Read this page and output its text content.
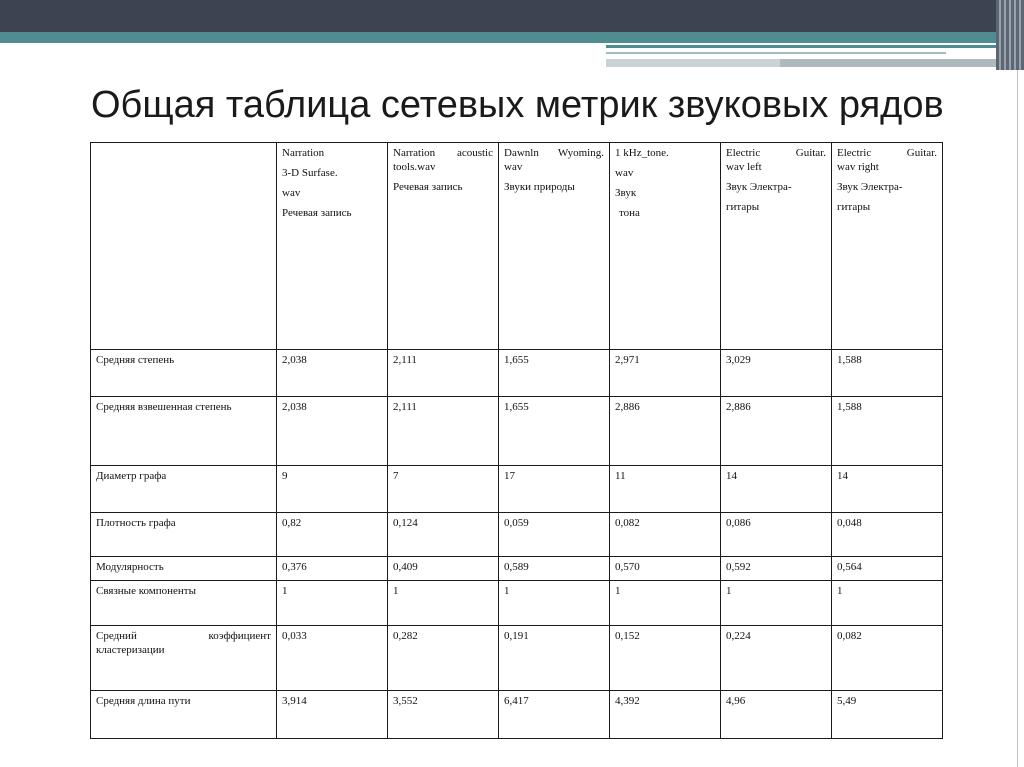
Общая таблица сетевых метрик звуковых рядов

	Narration
3-D Surfase.
wav
Речевая запись	Narration acoustic
tools.wav
Речевая запись	Dawnln Wyoming.
wav
Звуки природы	1 kHz_tone.
wav
Звук
тона	Electric Guitar.
wav left
Звук Электра-
гитары	Electric Guitar.
wav right
Звук Электра-
гитары

Средняя степень	2,038	2,111	1,655	2,971	3,029	1,588
Средняя взвешенная степень	2,038	2,111	1,655	2,886	2,886	1,588
Диаметр графа	9	7	17	11	14	14
Плотность графа	0,82	0,124	0,059	0,082	0,086	0,048
Модулярность	0,376	0,409	0,589	0,570	0,592	0,564
Связные компоненты	1	1	1	1	1	1

Средний коэффициент
кластеризации	0,033	0,282	0,191	0,152	0,224	0,082
Средняя длина пути	3,914	3,552	6,417	4,392	4,96	5,49
